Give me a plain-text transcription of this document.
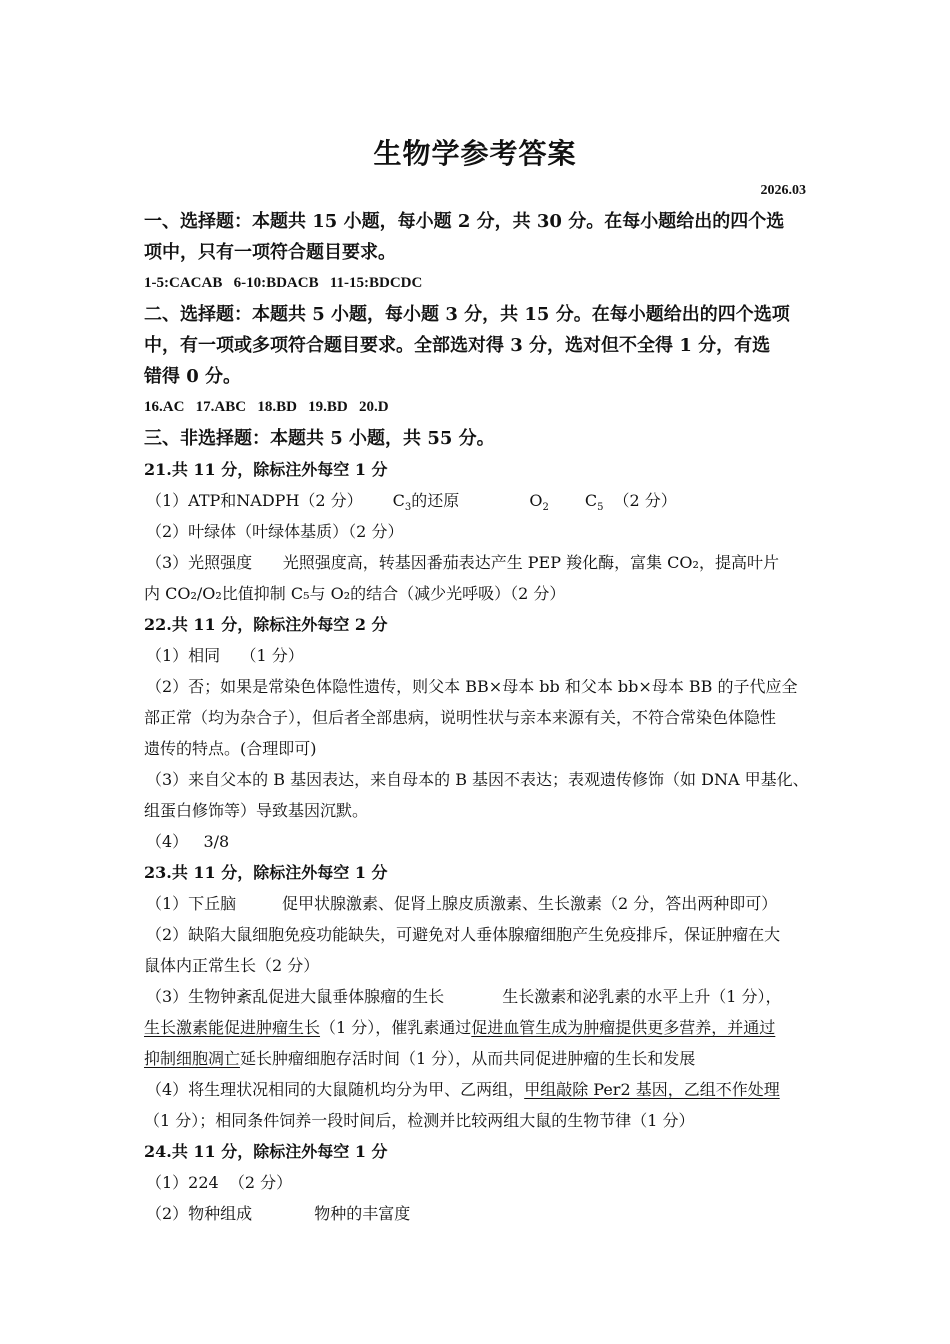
生物学参考答案
2026.03
一、选择题：本题共 15 小题，每小题 2 分，共 30 分。在每小题给出的四个选
项中，只有一项符合题目要求。
1-5:CACAB   6-10:BDACB   11-15:BDCDC
二、选择题：本题共 5 小题，每小题 3 分，共 15 分。在每小题给出的四个选项
中，有一项或多项符合题目要求。全部选对得 3 分，选对但不全得 1 分，有选
错得 0 分。
16.AC   17.ABC   18.BD   19.BD   20.D
三、非选择题：本题共 5 小题，共 55 分。
21.共 11 分，除标注外每空 1 分
（1）ATP和NADPH（2 分） $C_3$的还原	$O_2$ $C_5$ （2 分）
（2）叶绿体（叶绿体基质）（2 分）
（3）光照强度      光照强度高，转基因番茄表达产生 PEP 羧化酶，富集 CO₂，提高叶片
内 CO₂/O₂比值抑制 C₅与 O₂的结合（减少光呼吸）（2 分）
22.共 11 分，除标注外每空 2 分
（1）相同    （1 分）
（2）否；如果是常染色体隐性遗传，则父本 BB×母本 bb 和父本 bb×母本 BB 的子代应全
部正常（均为杂合子），但后者全部患病，说明性状与亲本来源有关，不符合常染色体隐性
遗传的特点。(合理即可)
（3）来自父本的 B 基因表达，来自母本的 B 基因不表达；表观遗传修饰（如 DNA 甲基化、
组蛋白修饰等）导致基因沉默。
（4）   3/8
23.共 11 分，除标注外每空 1 分
（1）下丘脑         促甲状腺激素、促肾上腺皮质激素、生长激素（2 分，答出两种即可）
（2）缺陷大鼠细胞免疫功能缺失，可避免对人垂体腺瘤细胞产生免疫排斥，保证肿瘤在大
鼠体内正常生长（2 分）
（3）生物钟紊乱促进大鼠垂体腺瘤的生长	生长激素和泌乳素的水平上升（1 分），
生长激素能促进肿瘤生长（1 分），催乳素通过促进血管生成为肿瘤提供更多营养，并通过
抑制细胞凋亡延长肿瘤细胞存活时间（1 分），从而共同促进肿瘤的生长和发展
（4）将生理状况相同的大鼠随机均分为甲、乙两组，甲组敲除 Per2 基因，乙组不作处理
（1 分）；相同条件饲养一段时间后，检测并比较两组大鼠的生物节律（1 分）
24.共 11 分，除标注外每空 1 分
（1）224  （2 分）
（2）物种组成	物种的丰富度
